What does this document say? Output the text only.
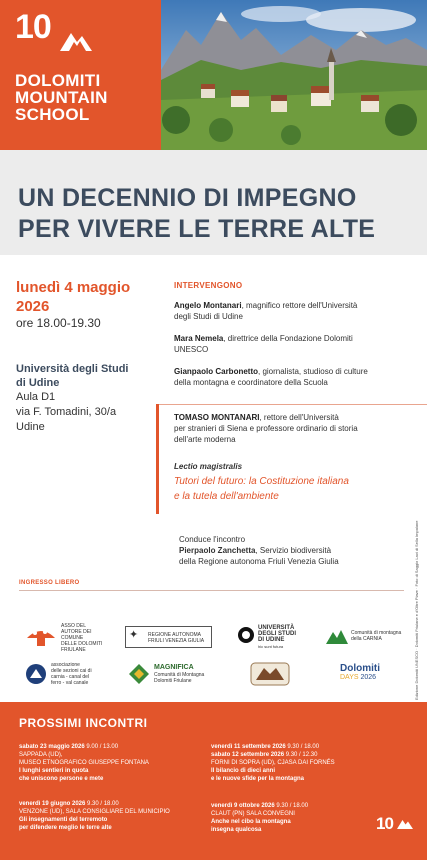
10
DOLOMITI
MOUNTAIN
SCHOOL
UN DECENNIO DI IMPEGNO
PER VIVERE LE TERRE ALTE
lunedì 4 maggio
2026
ore 18.00-19.30
Università degli Studi
di Udine
Aula D1
via F. Tomadini, 30/a
Udine
INTERVENGONO
Angelo Montanari, magnifico rettore dell'Università
degli Studi di Udine
Mara Nemela, direttrice della Fondazione Dolomiti
UNESCO
Gianpaolo Carbonetto, giornalista, studioso di culture
della montagna e coordinatore della Scuola
TOMASO MONTANARI, rettore dell'Università
per stranieri di Siena e professore ordinario di storia
dell'arte moderna
Lectio magistralis
Tutori del futuro: la Costituzione italiana
e la tutela dell'ambiente
Conduce l'incontro
Pierpaolo Zanchetta, Servizio biodiversità
della Regione autonoma Friuli Venezia Giulia
INGRESSO LIBERO	Edizione Dolomiti UNESCO · Dolomiti Friulane e d'Oltre Piave · Foto di Saggio Lavi di Sella Impalane
ASSO DEL
AUTORE DEI COMUNE
DELLE DOLOMITI
FRIULANE
✦ REGIONE AUTONOMA
FRIULI VENEZIA GIULIA
UNIVERSITÀ
DEGLI STUDI
DI UDINE
hic sunt futura
Comunità di montagna
della CARNIA
associazione
delle sezioni cai di
carnia - canal del
ferro - val canale
MAGNIFICA
Comunità di Montagna
Dolomiti Friulane
Dolomiti
DAYS 2026
PROSSIMI INCONTRI
sabato 23 maggio 2026 9.00 / 13.00
SAPPADA (UD),
MUSEO ETNOGRAFICO GIUSEPPE FONTANA
I lunghi sentieri in quota
che uniscono persone e mete
venerdì 19 giugno 2026 9.30 / 18.00
VENZONE (UD), SALA CONSIGLIARE DEL MUNICIPIO
Gli insegnamenti del terremoto
per difendere meglio le terre alte
venerdì 11 settembre 2026 9.30 / 18.00
sabato 12 settembre 2026 9.30 / 12.30
FORNI DI SOPRA (UD), CJASA DAI FORNÉS
Il bilancio di dieci anni
e le nuove sfide per la montagna
venerdì 9 ottobre 2026 9.30 / 18.00
CLAUT (PN) SALA CONVEGNI
Anche nel cibo la montagna
insegna qualcosa	10
